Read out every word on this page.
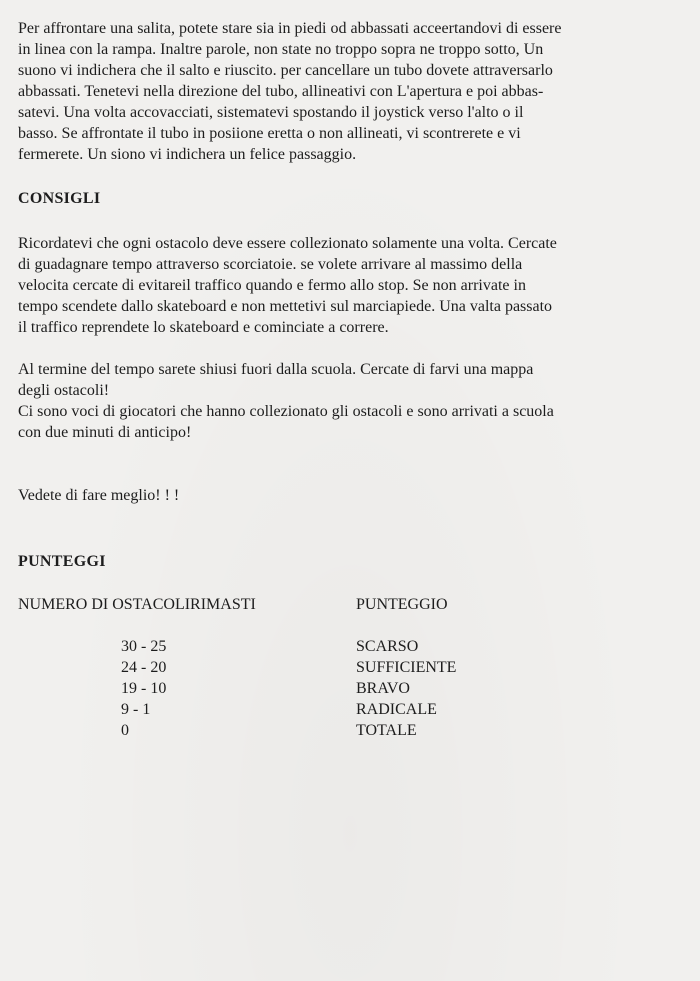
Per affrontare una salita, potete stare sia in piedi od abbassati acceertandovi di essere
in linea con la rampa. Inaltre parole, non state no troppo sopra ne troppo sotto, Un
suono vi indichera che il salto e riuscito. per cancellare un tubo dovete attraversarlo
abbassati. Tenetevi nella direzione del tubo, allineativi con L'apertura e poi abbas-
satevi. Una volta accovacciati, sistematevi spostando il joystick verso l'alto o il
basso. Se affrontate il tubo in posiione eretta o non allineati, vi scontrerete e vi
fermerete. Un siono vi indichera un felice passaggio.
CONSIGLI
Ricordatevi che ogni ostacolo deve essere collezionato solamente una volta. Cercate
di guadagnare tempo attraverso scorciatoie. se volete arrivare al massimo della
velocita cercate di evitareil traffico quando e fermo allo stop. Se non arrivate in
tempo scendete dallo skateboard e non mettetivi sul marciapiede. Una valta passato
il traffico reprendete lo skateboard e cominciate a correre.
Al termine del tempo sarete shiusi fuori dalla scuola. Cercate di farvi una mappa
degli ostacoli!
Ci sono voci di giocatori che hanno collezionato gli ostacoli e sono arrivati a scuola
con due minuti di anticipo!
Vedete di fare meglio! ! !
PUNTEGGI
NUMERO DI OSTACOLIRIMASTI	PUNTEGGIO
30 - 25	SCARSO
24 - 20	SUFFICIENTE
19 - 10	BRAVO
9 - 1	RADICALE
0	TOTALE
